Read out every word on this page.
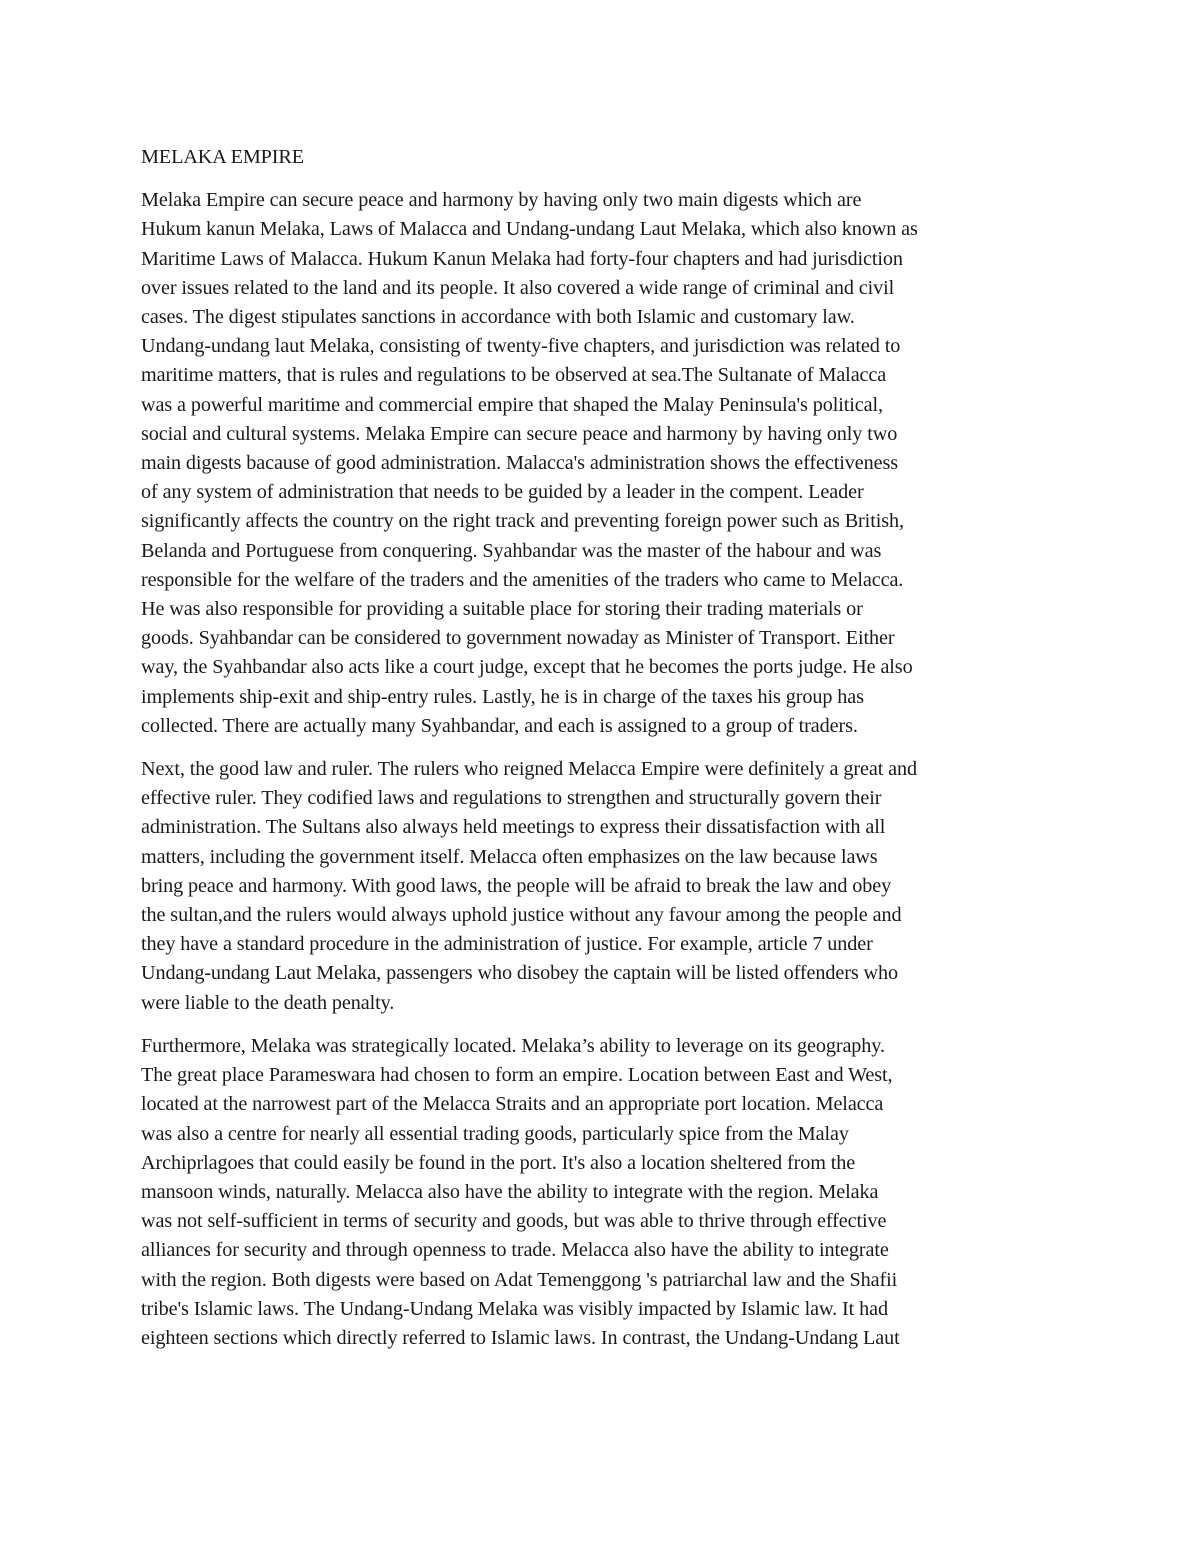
MELAKA EMPIRE
Melaka Empire can secure peace and harmony by having only two main digests which are
Hukum kanun Melaka, Laws of Malacca and Undang-undang Laut Melaka, which also known as
Maritime Laws of Malacca. Hukum Kanun Melaka had forty-four chapters and had jurisdiction
over issues related to the land and its people. It also covered a wide range of criminal and civil
cases. The digest stipulates sanctions in accordance with both Islamic and customary law.
Undang-undang laut Melaka, consisting of twenty-five chapters, and jurisdiction was related to
maritime matters, that is rules and regulations to be observed at sea.The Sultanate of Malacca
was a powerful maritime and commercial empire that shaped the Malay Peninsula's political,
social and cultural systems. Melaka Empire can secure peace and harmony by having only two
main digests bacause of good administration. Malacca's administration shows the effectiveness
of any system of administration that needs to be guided by a leader in the compent. Leader
significantly affects the country on the right track and preventing foreign power such as British,
Belanda and Portuguese from conquering. Syahbandar was the master of the habour and was
responsible for the welfare of the traders and the amenities of the traders who came to Melacca.
He was also responsible for providing a suitable place for storing their trading materials or
goods. Syahbandar can be considered to government nowaday as Minister of Transport. Either
way, the Syahbandar also acts like a court judge, except that he becomes the ports judge. He also
implements ship-exit and ship-entry rules. Lastly, he is in charge of the taxes his group has
collected. There are actually many Syahbandar, and each is assigned to a group of traders.
Next, the good law and ruler. The rulers who reigned Melacca Empire were definitely a great and
effective ruler. They codified laws and regulations to strengthen and structurally govern their
administration. The Sultans also always held meetings to express their dissatisfaction with all
matters, including the government itself. Melacca often emphasizes on the law because laws
bring peace and harmony. With good laws, the people will be afraid to break the law and obey
the sultan,and the rulers would always uphold justice without any favour among the people and
they have a standard procedure in the administration of justice. For example, article 7 under
Undang-undang Laut Melaka, passengers who disobey the captain will be listed offenders who
were liable to the death penalty.
Furthermore, Melaka was strategically located. Melaka’s ability to leverage on its geography.
The great place Parameswara had chosen to form an empire. Location between East and West,
located at the narrowest part of the Melacca Straits and an appropriate port location. Melacca
was also a centre for nearly all essential trading goods, particularly spice from the Malay
Archiprlagoes that could easily be found in the port. It's also a location sheltered from the
mansoon winds, naturally. Melacca also have the ability to integrate with the region. Melaka
was not self-sufficient in terms of security and goods, but was able to thrive through effective
alliances for security and through openness to trade. Melacca also have the ability to integrate
with the region. Both digests were based on Adat Temenggong 's patriarchal law and the Shafii
tribe's Islamic laws. The Undang-Undang Melaka was visibly impacted by Islamic law. It had
eighteen sections which directly referred to Islamic laws. In contrast, the Undang-Undang Laut
